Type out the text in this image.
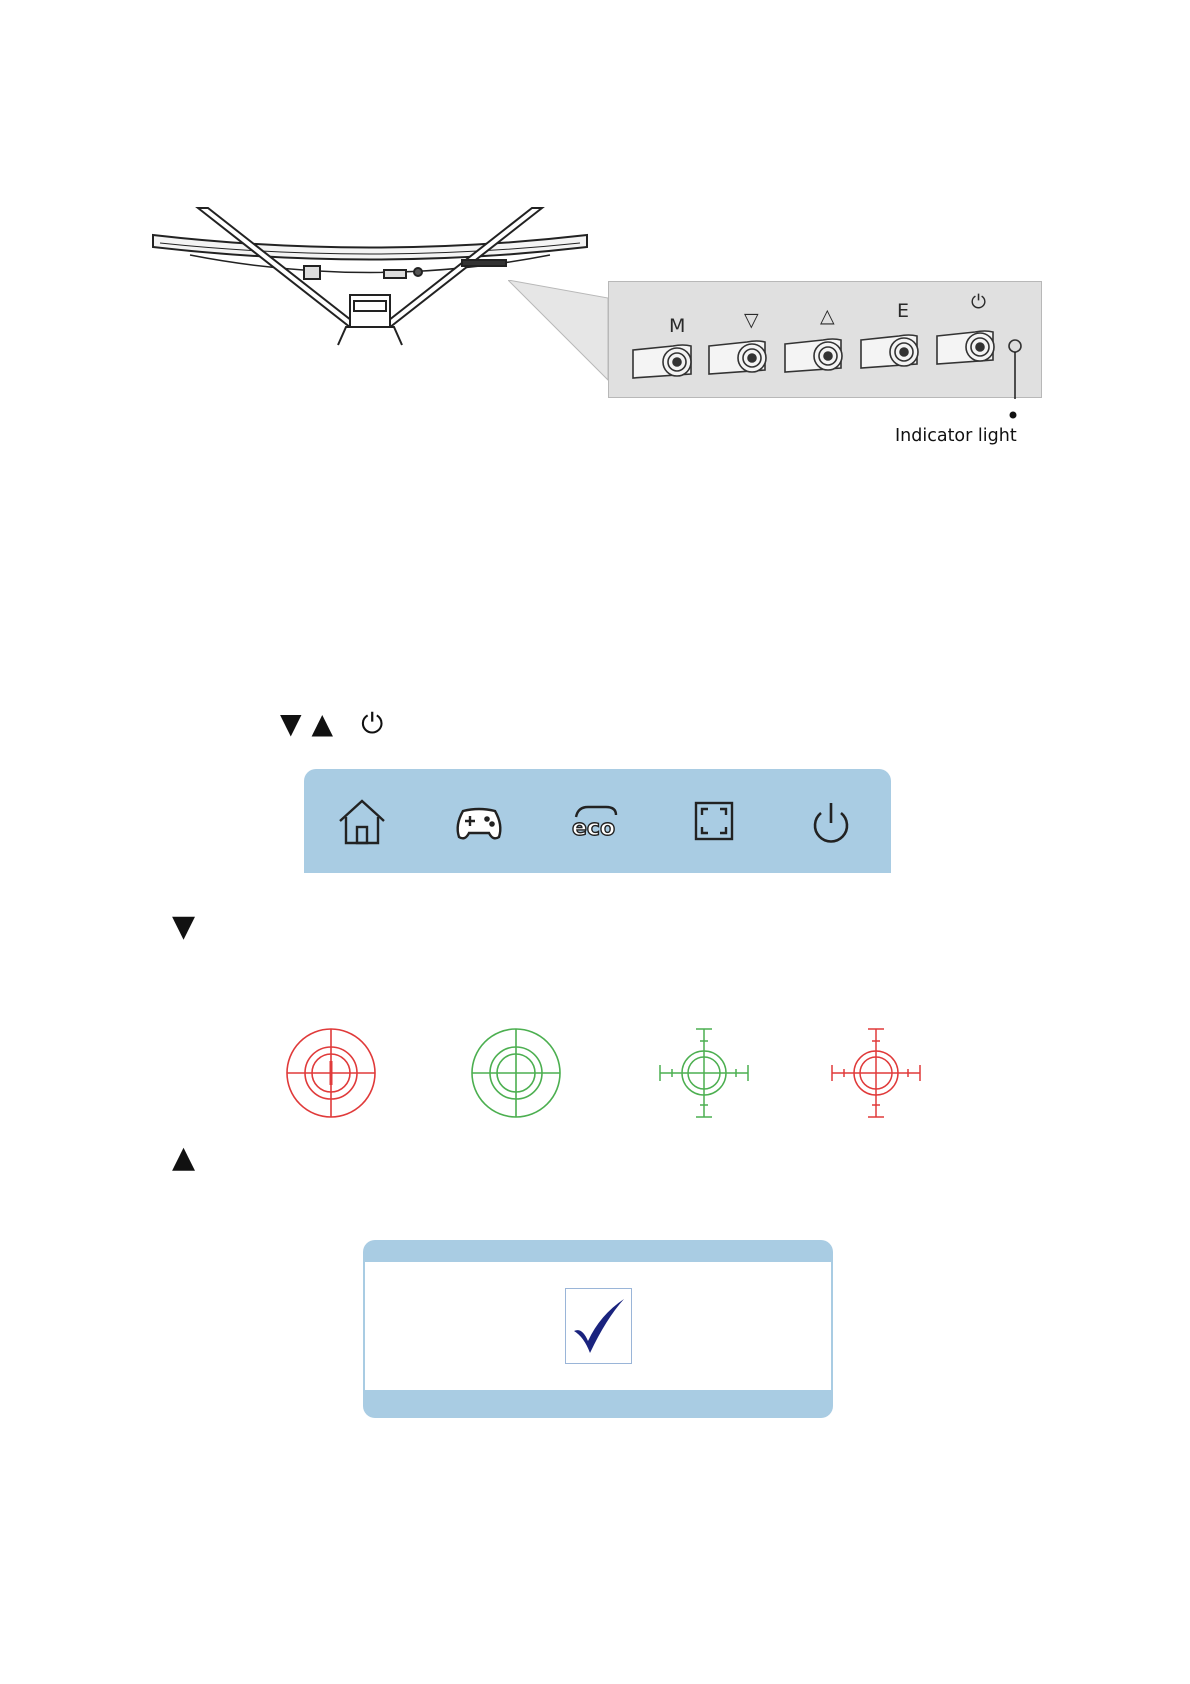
M	▽	△	E	⏻
Indicator light
▼ ▲ ⏻
eco
▼
▲
